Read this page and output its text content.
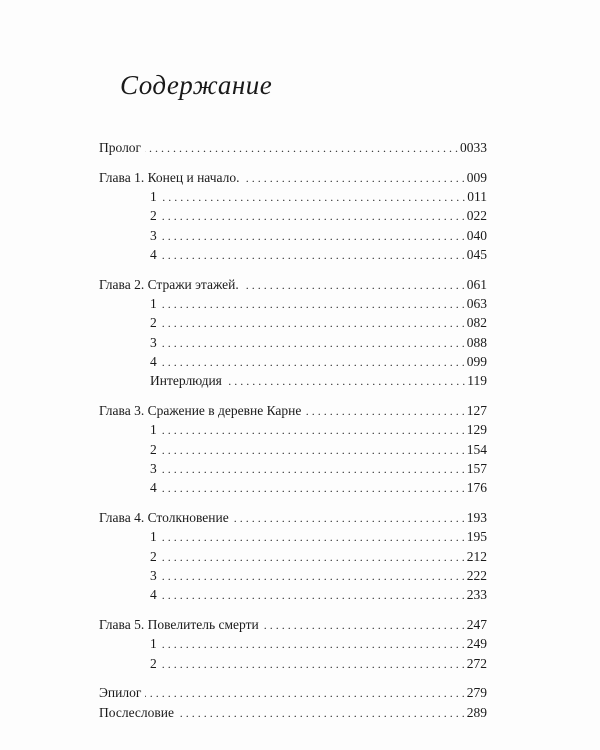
Содержание
Пролог . . .	0033
Глава 1. Конец и начало. . . .	009
1 . . .	011
2 . . .	022
3 . . .	040
4 . . .	045
Глава 2. Стражи этажей. . . .	061
1 . . .	063
2 . . .	082
3 . . .	088
4 . . .	099
Интерлюдия . . .	119
Глава 3. Сражение в деревне Карне . . .	127
1 . . .	129
2 . . .	154
3 . . .	157
4 . . .	176
Глава 4. Столкновение . . .	193
1 . . .	195
2 . . .	212
3 . . .	222
4 . . .	233
Глава 5. Повелитель смерти . . .	247
1 . . .	249
2 . . .	272
Эпилог . . .	279
Послесловие . . .	289
